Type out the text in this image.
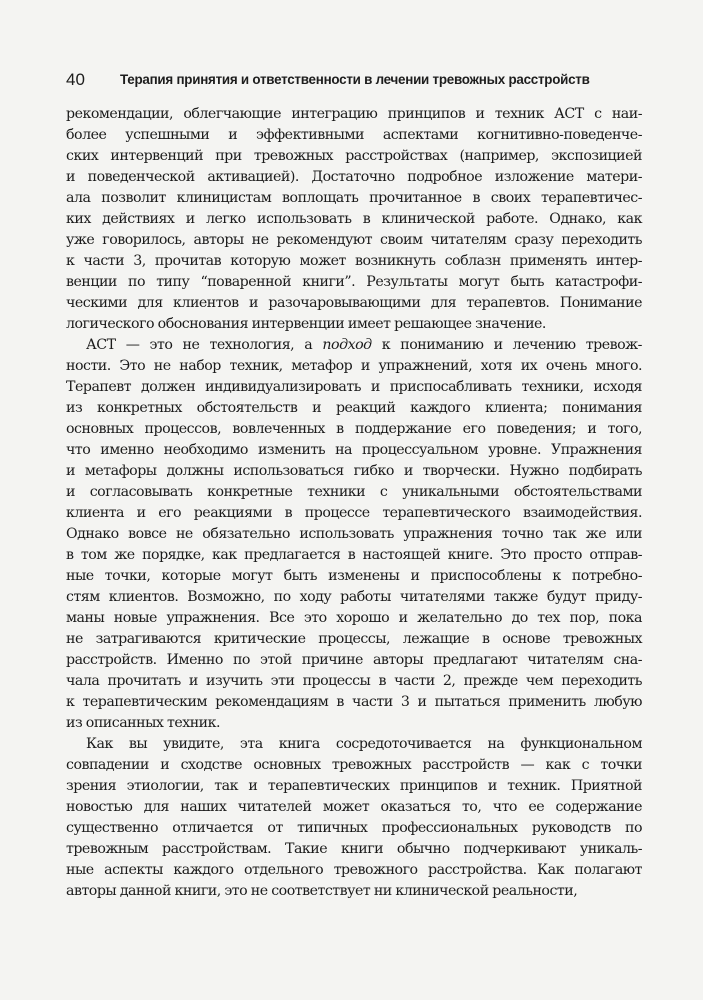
40	Терапия принятия и ответственности в лечении тревожных расстройств

рекомендации, облегчающие интеграцию принципов и техник АСТ с наи-
более успешными и эффективными аспектами когнитивно-поведенче-
ских интервенций при тревожных расстройствах (например, экспозицией
и поведенческой активацией). Достаточно подробное изложение матери-
ала позволит клиницистам воплощать прочитанное в своих терапевтичес-
ких действиях и легко использовать в клинической работе. Однако, как
уже говорилось, авторы не рекомендуют своим читателям сразу переходить
к части 3, прочитав которую может возникнуть соблазн применять интер-
венции по типу “поваренной книги”. Результаты могут быть катастрофи-
ческими для клиентов и разочаровывающими для терапевтов. Понимание
логического обоснования интервенции имеет решающее значение.

АСТ — это не технология, а подход к пониманию и лечению тревож-
ности. Это не набор техник, метафор и упражнений, хотя их очень много.
Терапевт должен индивидуализировать и приспосабливать техники, исходя
из конкретных обстоятельств и реакций каждого клиента; понимания
основных процессов, вовлеченных в поддержание его поведения; и того,
что именно необходимо изменить на процессуальном уровне. Упражнения
и метафоры должны использоваться гибко и творчески. Нужно подбирать
и согласовывать конкретные техники с уникальными обстоятельствами
клиента и его реакциями в процессе терапевтического взаимодействия.
Однако вовсе не обязательно использовать упражнения точно так же или
в том же порядке, как предлагается в настоящей книге. Это просто отправ-
ные точки, которые могут быть изменены и приспособлены к потребно-
стям клиентов. Возможно, по ходу работы читателями также будут приду-
маны новые упражнения. Все это хорошо и желательно до тех пор, пока
не затрагиваются критические процессы, лежащие в основе тревожных
расстройств. Именно по этой причине авторы предлагают читателям сна-
чала прочитать и изучить эти процессы в части 2, прежде чем переходить
к терапевтическим рекомендациям в части 3 и пытаться применить любую
из описанных техник.

Как вы увидите, эта книга сосредоточивается на функциональном
совпадении и сходстве основных тревожных расстройств — как с точки
зрения этиологии, так и терапевтических принципов и техник. Приятной
новостью для наших читателей может оказаться то, что ее содержание
существенно отличается от типичных профессиональных руководств по
тревожным расстройствам. Такие книги обычно подчеркивают уникаль-
ные аспекты каждого отдельного тревожного расстройства. Как полагают
авторы данной книги, это не соответствует ни клинической реальности,
